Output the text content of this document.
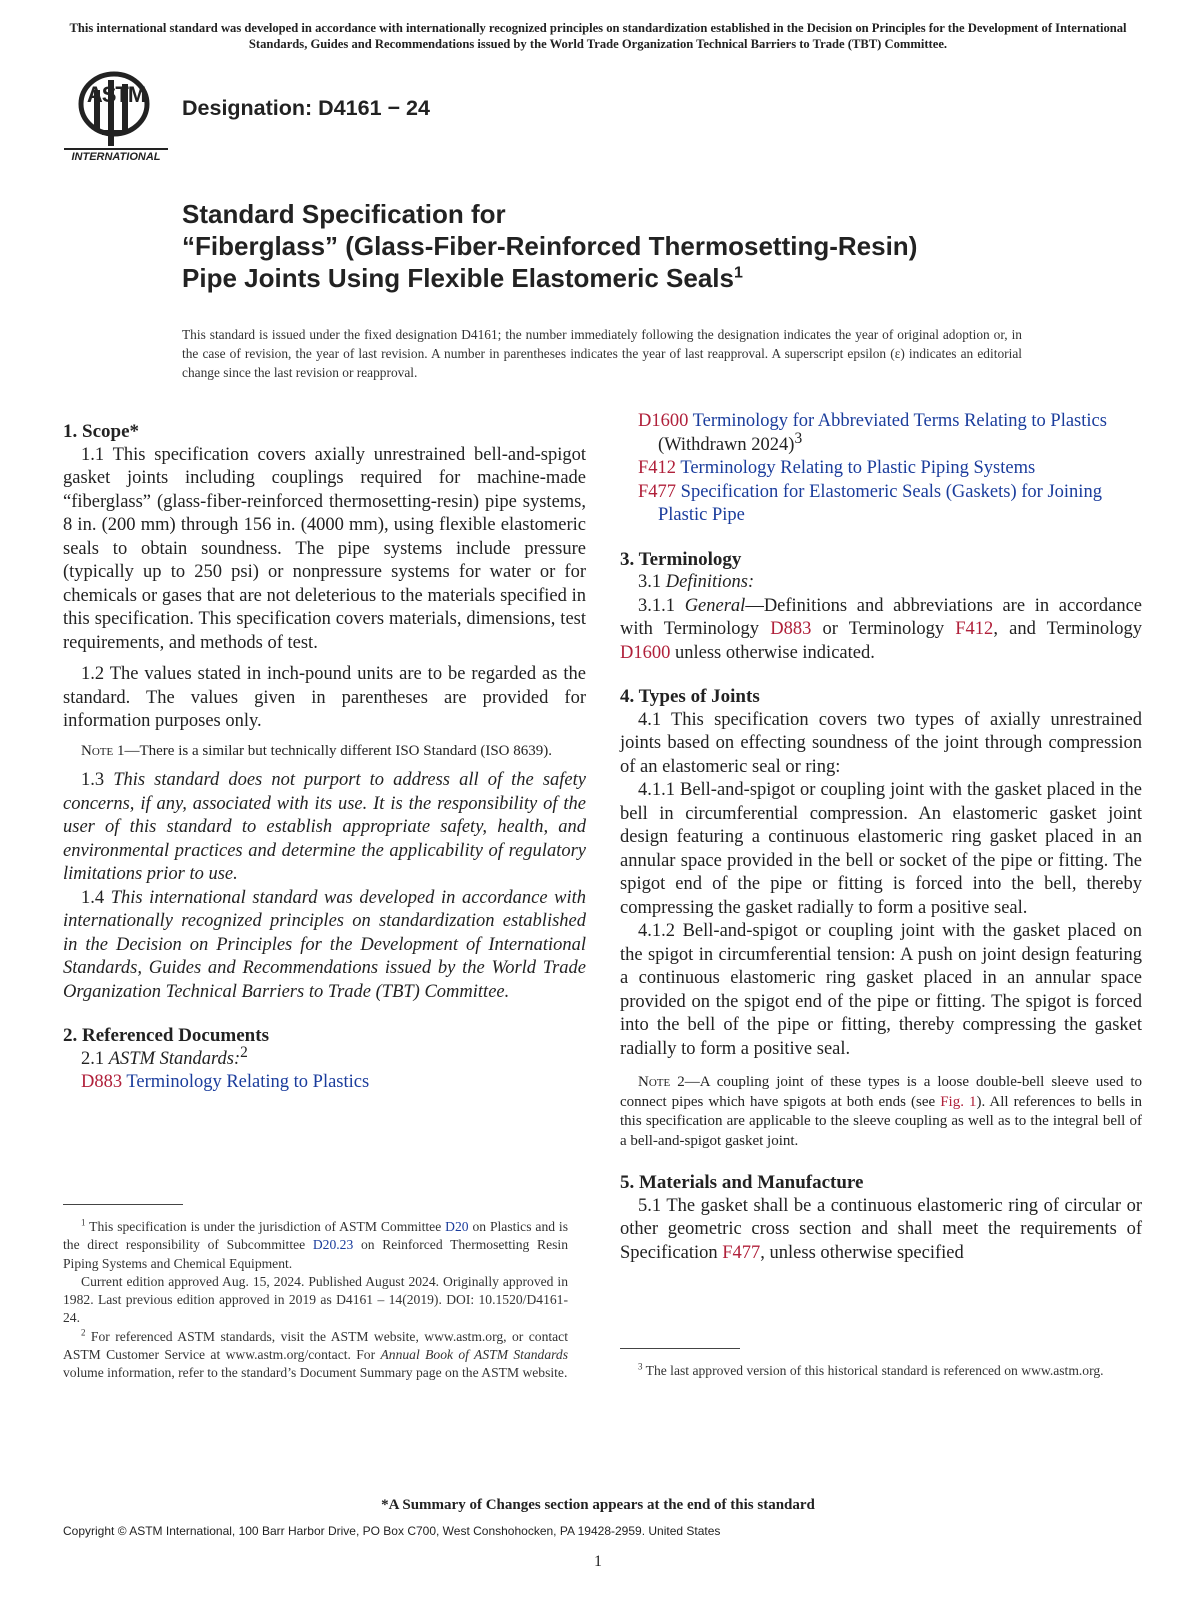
This international standard was developed in accordance with internationally recognized principles on standardization established in the Decision on Principles for the Development of International Standards, Guides and Recommendations issued by the World Trade Organization Technical Barriers to Trade (TBT) Committee.
ASTM
INTERNATIONAL
Designation: D4161 − 24
Standard Specification for
“Fiberglass” (Glass-Fiber-Reinforced Thermosetting-Resin)
Pipe Joints Using Flexible Elastomeric Seals$^1$
This standard is issued under the fixed designation D4161; the number immediately following the designation indicates the year of original adoption or, in the case of revision, the year of last revision. A number in parentheses indicates the year of last reapproval. A superscript epsilon (ε) indicates an editorial change since the last revision or reapproval.

1. Scope*

1.1 This specification covers axially unrestrained bell-and-spigot gasket joints including couplings required for machine-made “fiberglass” (glass-fiber-reinforced thermosetting-resin) pipe systems, 8 in. (200 mm) through 156 in. (4000 mm), using flexible elastomeric seals to obtain soundness. The pipe systems include pressure (typically up to 250 psi) or nonpressure systems for water or for chemicals or gases that are not deleterious to the materials specified in this specification. This specification covers materials, dimensions, test requirements, and methods of test.

1.2 The values stated in inch-pound units are to be regarded as the standard. The values given in parentheses are provided for information purposes only.

Note 1—There is a similar but technically different ISO Standard (ISO 8639).

1.3 This standard does not purport to address all of the safety concerns, if any, associated with its use. It is the responsibility of the user of this standard to establish appropriate safety, health, and environmental practices and determine the applicability of regulatory limitations prior to use.

1.4 This international standard was developed in accordance with internationally recognized principles on standardization established in the Decision on Principles for the Development of International Standards, Guides and Recommendations issued by the World Trade Organization Technical Barriers to Trade (TBT) Committee.

2. Referenced Documents

2.1 ASTM Standards:$^2$

D883 Terminology Relating to Plastics

$^1$ This specification is under the jurisdiction of ASTM Committee D20 on Plastics and is the direct responsibility of Subcommittee D20.23 on Reinforced Thermosetting Resin Piping Systems and Chemical Equipment.

Current edition approved Aug. 15, 2024. Published August 2024. Originally approved in 1982. Last previous edition approved in 2019 as D4161 – 14(2019). DOI: 10.1520/D4161-24.

$^2$ For referenced ASTM standards, visit the ASTM website, www.astm.org, or contact ASTM Customer Service at www.astm.org/contact. For Annual Book of ASTM Standards volume information, refer to the standard’s Document Summary page on the ASTM website.

D1600 Terminology for Abbreviated Terms Relating to Plastics (Withdrawn 2024)$^3$

F412 Terminology Relating to Plastic Piping Systems

F477 Specification for Elastomeric Seals (Gaskets) for Joining Plastic Pipe

3. Terminology

3.1 Definitions:

3.1.1 General—Definitions and abbreviations are in accordance with Terminology D883 or Terminology F412, and Terminology D1600 unless otherwise indicated.

4. Types of Joints

4.1 This specification covers two types of axially unrestrained joints based on effecting soundness of the joint through compression of an elastomeric seal or ring:

4.1.1 Bell-and-spigot or coupling joint with the gasket placed in the bell in circumferential compression. An elastomeric gasket joint design featuring a continuous elastomeric ring gasket placed in an annular space provided in the bell or socket of the pipe or fitting. The spigot end of the pipe or fitting is forced into the bell, thereby compressing the gasket radially to form a positive seal.

4.1.2 Bell-and-spigot or coupling joint with the gasket placed on the spigot in circumferential tension: A push on joint design featuring a continuous elastomeric ring gasket placed in an annular space provided on the spigot end of the pipe or fitting. The spigot is forced into the bell of the pipe or fitting, thereby compressing the gasket radially to form a positive seal.

Note 2—A coupling joint of these types is a loose double-bell sleeve used to connect pipes which have spigots at both ends (see Fig. 1). All references to bells in this specification are applicable to the sleeve coupling as well as to the integral bell of a bell-and-spigot gasket joint.

5. Materials and Manufacture

5.1 The gasket shall be a continuous elastomeric ring of circular or other geometric cross section and shall meet the requirements of Specification F477, unless otherwise specified

$^3$ The last approved version of this historical standard is referenced on www.astm.org.

*A Summary of Changes section appears at the end of this standard
Copyright © ASTM International, 100 Barr Harbor Drive, PO Box C700, West Conshohocken, PA 19428-2959. United States
1
